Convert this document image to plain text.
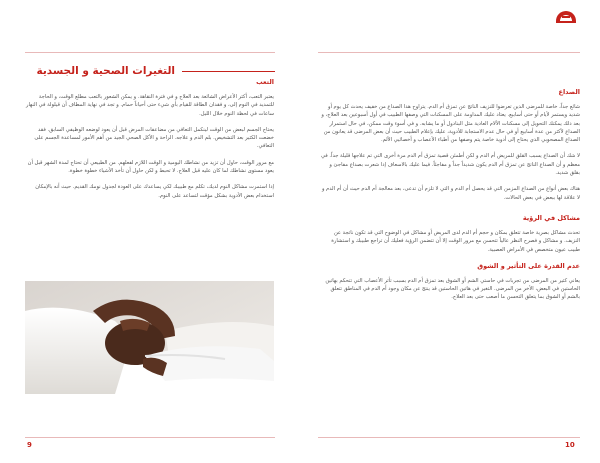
التغيرات الصحية و الجسدية
التعب
يعتبر التعب، أكثر الأعراض الشائعة بعد العلاج و في فترة النقاهة. و يمكن الشعور بالتعب مطلع الوقت، و الحاجة للتمديد في النوم إلى، و فقدان الطاقة للقيام بأي شيء حتى أحياناً حمام. و تجد في نهاية المطاف أن قيلولة في النهار ساعات في لحظة النوم خلال الليل.
يحتاج الجسم لبعض من الوقت لينكمل التعافي من مضاعفات المرض قبل أن يعود لوضعه الوظيفي السابق. فقد خضعت الكثير بعد التشخيص. بلم الدم و علاجه. الراحة و الأكل الصحي الجيد من أهم الأمور لمساعدة الجسم على التعافي.
مع مرور الوقت، حاول أن تزيد من نشاطك اليومية و الوقت اللازم لفعلهم. من الطبيعي أن تحتاج لمدة الشهر قبل أن يعود مستوى نشاطك لما كان عليه قبل العلاج. لا تحبط و لكن حاول أن تأخذ الأشياء خطوة خطوة.
إذا استمرت مشاكل النوم لديك، تكلم مع طبيبك لكي يساعدك على العودة لجدول نومك القديم. حيث أنه بالإمكان استخدام بعض الأدوية بشكل مؤقت لتساعد على النوم.
الصداع
شائع جداً، خاصة للمرضى الذين تعرضوا للنزيف الناتج عن تمزق أم الدم. يتراوح هذا الصداع من خفيف يحدث كل يوم أو شديد ويستمر لأيام أو حتى أسابيع. يعتاد عليك المداومة على المسكنات التي وصفها الطبيب في أول أسبوعين بعد العلاج، و بعد ذلك يمكنك التحويل إلى مسكنات الألام العادية مثل البنادول أو ما يشابه. و في أسوء وقت ممكن، في حال استمرار الصداع لأكثر من عدة أسابيع أو في حال عدم الاستجابة للأدوية، عليك بإعلام الطبيب حيث أن بعض المرضى قد يعانون من الصداع المصحوبي الذي يحتاج إلى أدوية خاصة يتم وصفها من أطباء الأعصاب و أخصائيي الألم.
لا شك أن الصداع يسبب القلق للمريض أم الدم و لكن أطمئن قصية تمزق أم الدم مرة أخرى التي تم علاجها قليلة جداً. في معظم و أن الصداع الناتج عن تمزق أم الدم يكون شديداً جداً و مفاجئاً. فيما عليك بالاسعاف إذا شعرت بصداع مفاجئ و بقلق شديد.
هناك بعض أنواع من الصداع المزمن التي قد يحصل أم الدم و التي لا تلزم أن تدعى، بعد معالجة أم الدم حيث أن أم الدم و لا علاقة لها ببعض في بعض الحالات.
مشاكل في الرؤية
تحدث مشاكل بصرية خاصة تتعلق بمكان و حجم أم الدم لدى المريض أو مشاكل في الوضوح التي قد تكون ناتجة عن النزيف. و مشاكل و فصرح النظر عالياً تتحسن مع مرور الوقت إلا أن تتضمن الرؤية فعليك أن تراجع طبيبك و استشارة طبيب عيون متخصص في الأمراض العصبية.
عدم القدرة على التأثير و الشوق
يعاني كثير من المرضى من تجربات في حاستي الشم أو الشوق بعد تمزق أم الدم بسبب تأثر الأعصاب التي تتحكم بهاتين الحاستين في البعض، الأخر من المرضى. التغير في هاتين الحاستين قد ينتج عن مكان وجود أم الدم في المناطق تتعلق بالشم أو الشوق بما يتعلق التحسن ما أصعب حتى بعد العلاج.
9	10
